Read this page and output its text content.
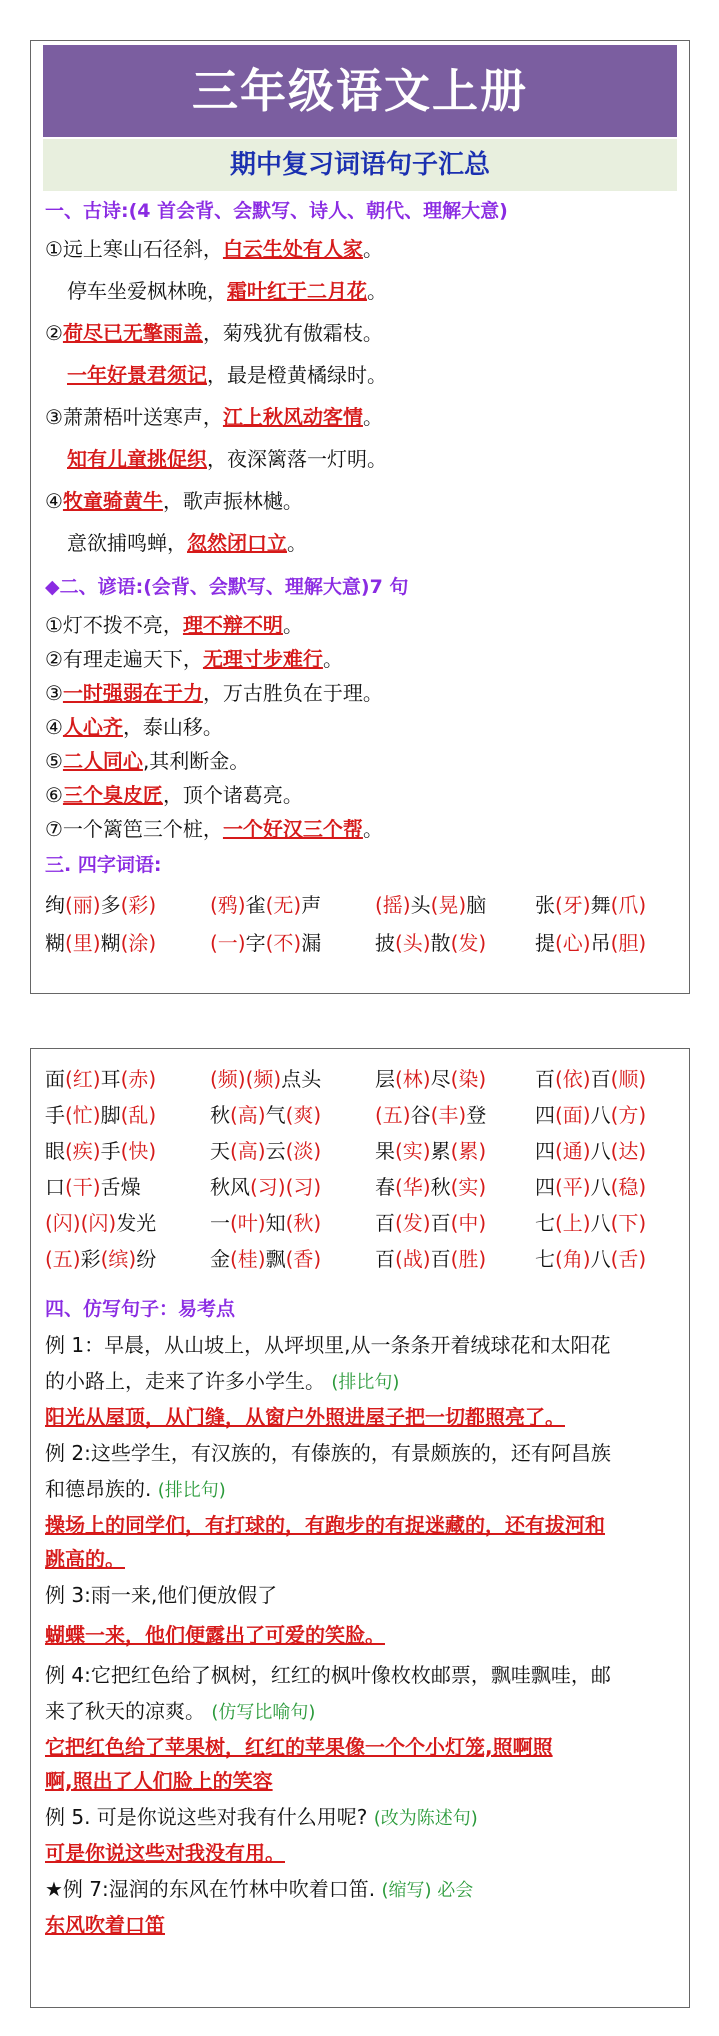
三年级语文上册
期中复习词语句子汇总
一、古诗:(4 首会背、会默写、诗人、朝代、理解大意)
①远上寒山石径斜，白云生处有人家。
停车坐爱枫林晚，霜叶红于二月花。
②荷尽已无擎雨盖，菊残犹有傲霜枝。
一年好景君须记，最是橙黄橘绿时。
③萧萧梧叶送寒声，江上秋风动客情。
知有儿童挑促织，夜深篱落一灯明。
④牧童骑黄牛，歌声振林樾。
意欲捕鸣蝉，忽然闭口立。
◆二、谚语:(会背、会默写、理解大意)7 句
①灯不拨不亮，理不辩不明。
②有理走遍天下，无理寸步难行。
③一时强弱在于力，万古胜负在于理。
④人心齐，泰山移。
⑤二人同心,其利断金。
⑥三个臭皮匠，顶个诸葛亮。
⑦一个篱笆三个桩，一个好汉三个帮。
三. 四字词语:
绚(丽)多(彩)	(鸦)雀(无)声	(摇)头(晃)脑 张(牙)舞(爪)
糊(里)糊(涂)	(一)字(不)漏	披(头)散(发) 提(心)吊(胆)
面(红)耳(赤)	(频)(频)点头	层(林)尽(染) 百(依)百(顺)
手(忙)脚(乱)	秋(高)气(爽)	(五)谷(丰)登 四(面)八(方)
眼(疾)手(快)	天(高)云(淡)	果(实)累(累) 四(通)八(达)
口(干)舌燥	秋风(习)(习)	春(华)秋(实) 四(平)八(稳)
(闪)(闪)发光	一(叶)知(秋)	百(发)百(中) 七(上)八(下)
(五)彩(缤)纷	金(桂)飘(香)	百(战)百(胜) 七(角)八(舌)
四、仿写句子：易考点
例 1：早晨，从山坡上，从坪坝里,从一条条开着绒球花和太阳花
的小路上，走来了许多小学生。 (排比句)
阳光从屋顶，从门缝，从窗户外照进屋子把一切都照亮了。
例 2:这些学生，有汉族的，有傣族的，有景颇族的，还有阿昌族
和德昂族的. (排比句)
操场上的同学们，有打球的，有跑步的有捉迷藏的，还有拔河和
跳高的。
例 3:雨一来,他们便放假了
蝴蝶一来，他们便露出了可爱的笑脸。
例 4:它把红色给了枫树，红红的枫叶像枚枚邮票，飘哇飘哇，邮
来了秋天的凉爽。 (仿写比喻句)
它把红色给了苹果树，红红的苹果像一个个小灯笼,照啊照
啊,照出了人们脸上的笑容
例 5. 可是你说这些对我有什么用呢? (改为陈述句)
可是你说这些对我没有用。
★例 7:湿润的东风在竹林中吹着口笛. (缩写) 必会
东风吹着口笛
